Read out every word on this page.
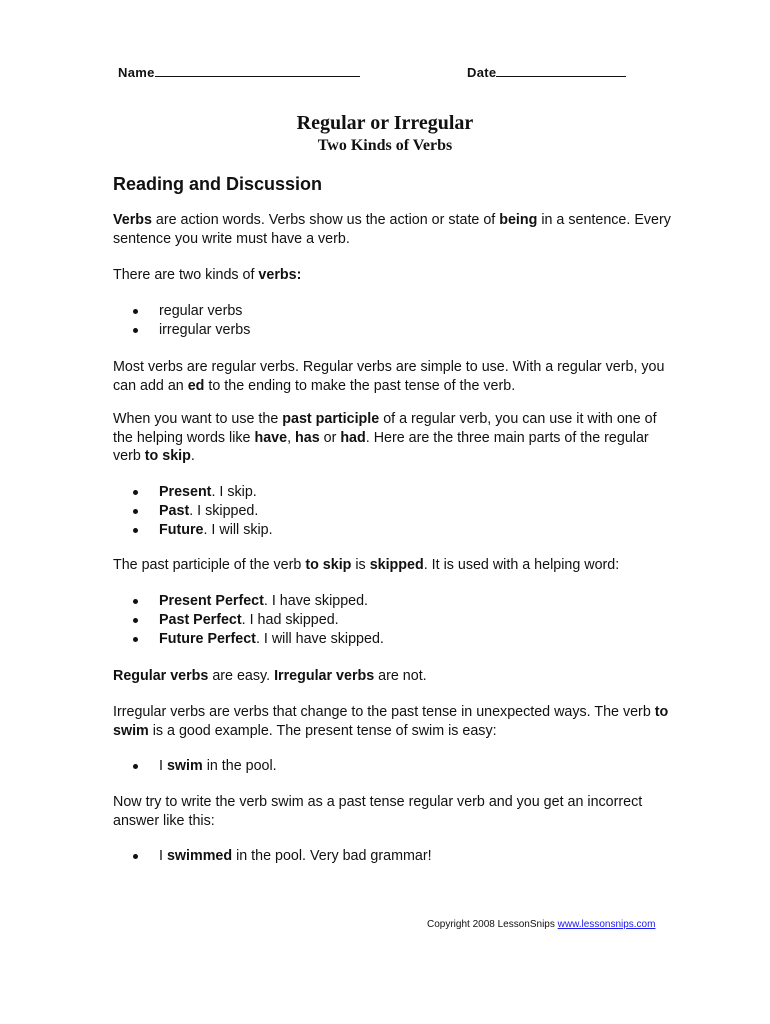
Name	Date
Regular or Irregular
Two Kinds of Verbs
Reading and Discussion

Verbs are action words. Verbs show us the action or state of being in a sentence. Every sentence you write must have a verb.

There are two kinds of verbs:

regular verbs
irregular verbs

Most verbs are regular verbs. Regular verbs are simple to use. With a regular verb, you can add an ed to the ending to make the past tense of the verb.

When you want to use the past participle of a regular verb, you can use it with one of the helping words like have, has or had. Here are the three main parts of the regular verb to skip.

Present. I skip.
Past. I skipped.
Future. I will skip.

The past participle of the verb to skip is skipped. It is used with a helping word:

Present Perfect. I have skipped.
Past Perfect. I had skipped.
Future Perfect. I will have skipped.

Regular verbs are easy. Irregular verbs are not.

Irregular verbs are verbs that change to the past tense in unexpected ways. The verb to swim is a good example. The present tense of swim is easy:

I swim in the pool.

Now try to write the verb swim as a past tense regular verb and you get an incorrect answer like this:

I swimmed in the pool. Very bad grammar!
Copyright 2008 LessonSnips www.lessonsnips.com
